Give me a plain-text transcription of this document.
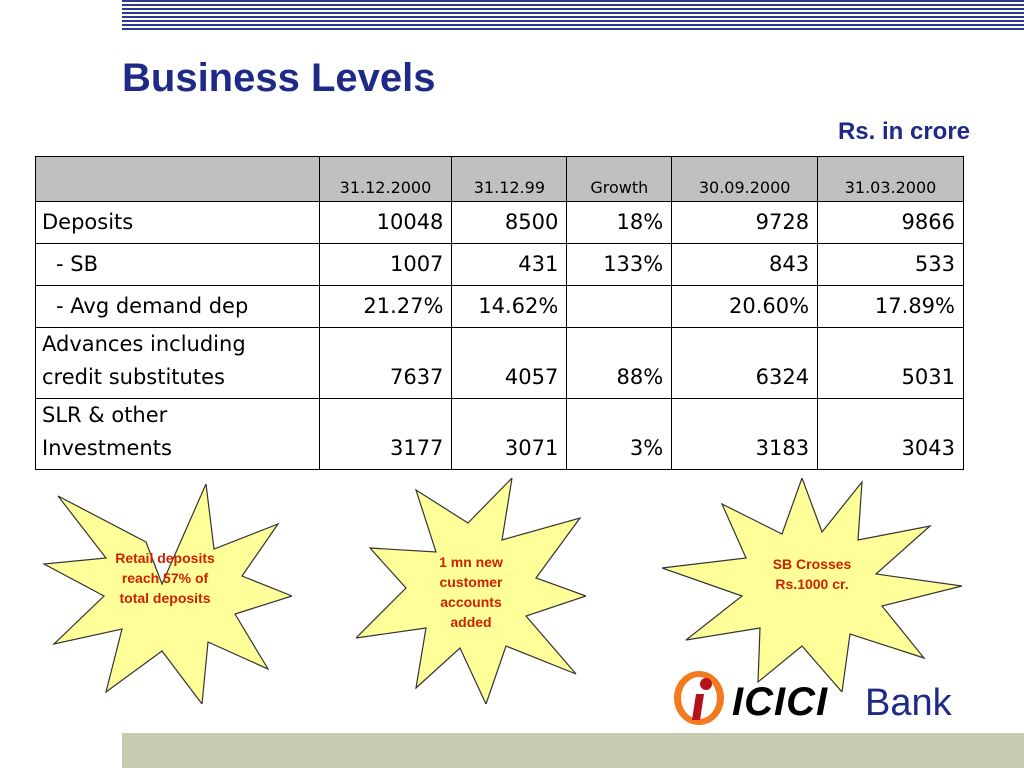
Business Levels
Rs. in crore
	31.12.2000	31.12.99	Growth	30.09.2000	31.03.2000
Deposits	10048	8500	18%	9728	9866
- SB	1007	431	133%	843	533
- Avg demand dep	21.27%	14.62%		20.60%	17.89%
Advances including
credit substitutes	7637	4057	88%	6324	5031
SLR & other
Investments	3177	3071	3%	3183	3043
Retail deposits
reach 57% of
total deposits
1 mn new
customer
accounts
added
SB Crosses
Rs.1000 cr.
ICICI Bank
